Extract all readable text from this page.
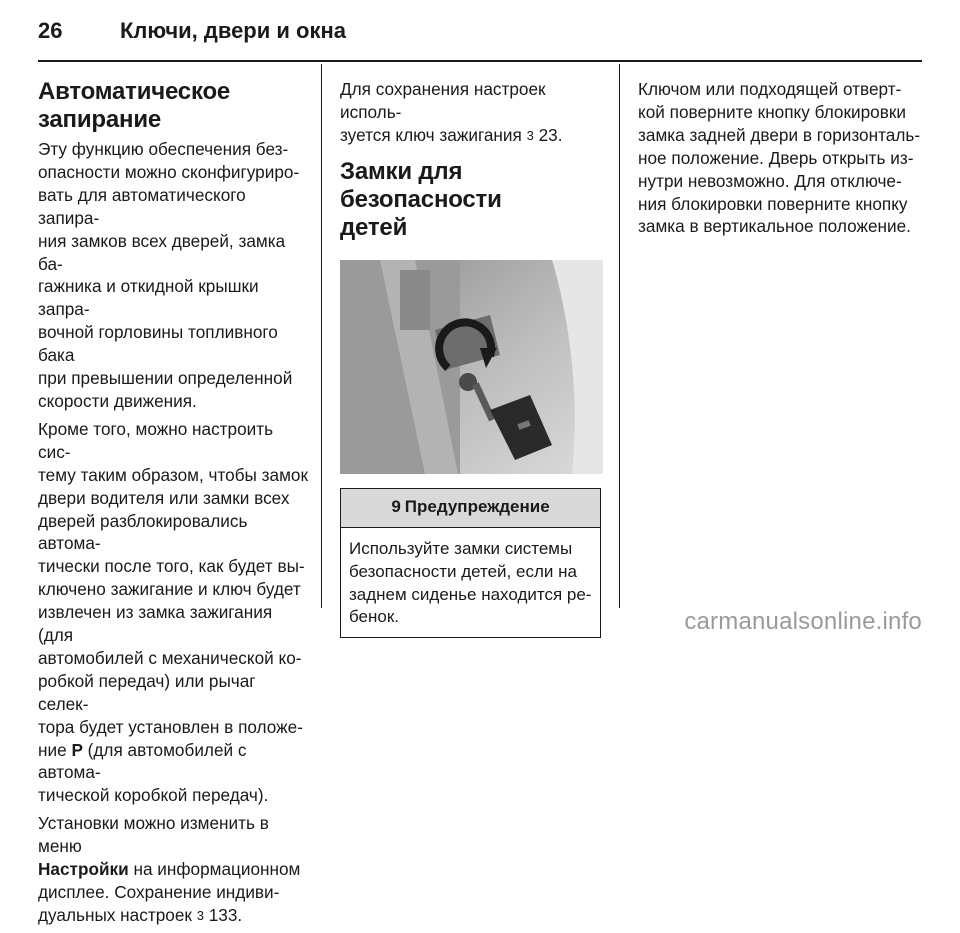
26	Ключи, двери и окна
Автоматическое
запирание

Эту функцию обеспечения без-
опасности можно сконфигуриро-
вать для автоматического запира-
ния замков всех дверей, замка ба-
гажника и откидной крышки запра-
вочной горловины топливного бака
при превышении определенной
скорости движения.

Кроме того, можно настроить сис-
тему таким образом, чтобы замок
двери водителя или замки всех
дверей разблокировались автома-
тически после того, как будет вы-
ключено зажигание и ключ будет
извлечен из замка зажигания (для
автомобилей с механической ко-
робкой передач) или рычаг селек-
тора будет установлен в положе-
ние P (для автомобилей с автома-
тической коробкой передач).

Установки можно изменить в меню
Настройки на информационном
дисплее. Сохранение индиви-
дуальных настроек 3 133.

Для сохранения настроек исполь-
зуется ключ зажигания 3 23.

Замки для безопасности
детей
9 Предупреждение
Используйте замки системы
безопасности детей, если на
заднем сиденье находится ре-
бенок.

Ключом или подходящей отверт-
кой поверните кнопку блокировки
замка задней двери в горизонталь-
ное положение. Дверь открыть из-
нутри невозможно. Для отключе-
ния блокировки поверните кнопку
замка в вертикальное положение.

carmanualsonline.info
